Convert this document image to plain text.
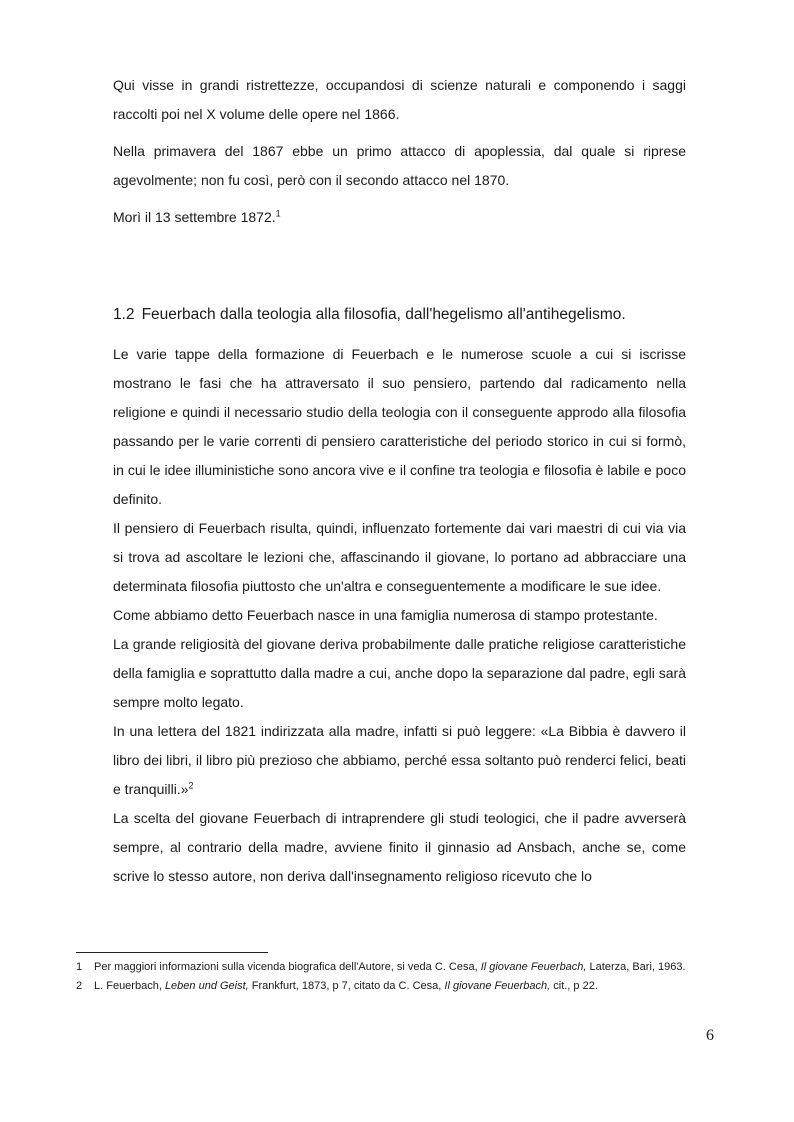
Qui visse in grandi ristrettezze, occupandosi di scienze naturali e componendo i saggi raccolti poi nel X volume delle opere nel 1866.

Nella primavera del 1867 ebbe un primo attacco di apoplessia, dal quale si riprese agevolmente; non fu così, però con il secondo attacco nel 1870.

Morì il 13 settembre 1872.$^1$

1.2 Feuerbach dalla teologia alla filosofia, dall'hegelismo all'antihegelismo.

Le varie tappe della formazione di Feuerbach e le numerose scuole a cui si iscrisse mostrano le fasi che ha attraversato il suo pensiero, partendo dal radicamento nella religione e quindi il necessario studio della teologia con il conseguente approdo alla filosofia passando per le varie correnti di pensiero caratteristiche del periodo storico in cui si formò, in cui le idee illuministiche sono ancora vive e il confine tra teologia e filosofia è labile e poco definito.

Il pensiero di Feuerbach risulta, quindi, influenzato fortemente dai vari maestri di cui via via si trova ad ascoltare le lezioni che, affascinando il giovane, lo portano ad abbracciare una determinata filosofia piuttosto che un'altra e conseguentemente a modificare le sue idee.

Come abbiamo detto Feuerbach nasce in una famiglia numerosa di stampo protestante.

La grande religiosità del giovane deriva probabilmente dalle pratiche religiose caratteristiche della famiglia e soprattutto dalla madre a cui, anche dopo la separazione dal padre, egli sarà sempre molto legato.

In una lettera del 1821 indirizzata alla madre, infatti si può leggere: «La Bibbia è davvero il libro dei libri, il libro più prezioso che abbiamo, perché essa soltanto può renderci felici, beati e tranquilli.»$^2$

La scelta del giovane Feuerbach di intraprendere gli studi teologici, che il padre avverserà sempre, al contrario della madre, avviene finito il ginnasio ad Ansbach, anche se, come scrive lo stesso autore, non deriva dall'insegnamento religioso ricevuto che lo

1	Per maggiori informazioni sulla vicenda biografica dell'Autore, si veda C. Cesa, Il giovane Feuerbach, Laterza, Bari, 1963.
2	L. Feuerbach, Leben und Geist, Frankfurt, 1873, p 7, citato da C. Cesa, Il giovane Feuerbach, cit., p 22.
6
